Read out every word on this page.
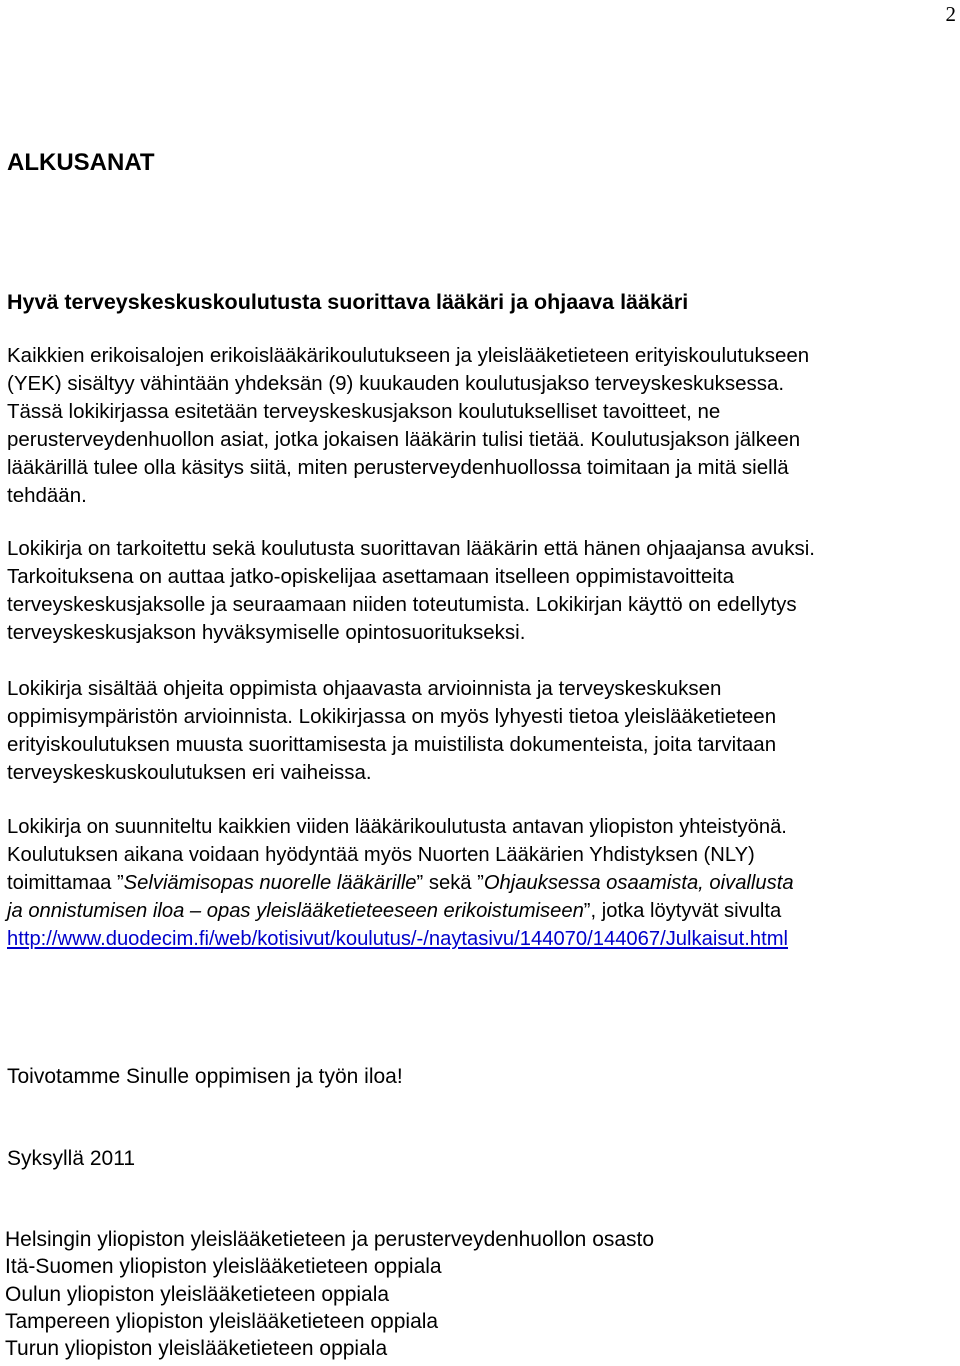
2
ALKUSANAT
Hyvä terveyskeskuskoulutusta suorittava lääkäri ja ohjaava lääkäri

Kaikkien erikoisalojen erikoislääkärikoulutukseen ja yleislääketieteen erityiskoulutukseen
(YEK) sisältyy vähintään yhdeksän (9) kuukauden koulutusjakso terveyskeskuksessa.
Tässä lokikirjassa esitetään terveyskeskusjakson koulutukselliset tavoitteet, ne
perusterveydenhuollon asiat, jotka jokaisen lääkärin tulisi tietää. Koulutusjakson jälkeen
lääkärillä tulee olla käsitys siitä, miten perusterveydenhuollossa toimitaan ja mitä siellä
tehdään.

Lokikirja on tarkoitettu sekä koulutusta suorittavan lääkärin että hänen ohjaajansa avuksi.
Tarkoituksena on auttaa jatko-opiskelijaa asettamaan itselleen oppimistavoitteita
terveyskeskusjaksolle ja seuraamaan niiden toteutumista. Lokikirjan käyttö on edellytys
terveyskeskusjakson hyväksymiselle opintosuoritukseksi.

Lokikirja sisältää ohjeita oppimista ohjaavasta arvioinnista ja terveyskeskuksen
oppimisympäristön arvioinnista. Lokikirjassa on myös lyhyesti tietoa yleislääketieteen
erityiskoulutuksen muusta suorittamisesta ja muistilista dokumenteista, joita tarvitaan
terveyskeskuskoulutuksen eri vaiheissa.

Lokikirja on suunniteltu kaikkien viiden lääkärikoulutusta antavan yliopiston yhteistyönä.
Koulutuksen aikana voidaan hyödyntää myös Nuorten Lääkärien Yhdistyksen (NLY)
toimittamaa ”Selviämisopas nuorelle lääkärille” sekä ”Ohjauksessa osaamista, oivallusta
ja onnistumisen iloa – opas yleislääketieteeseen erikoistumiseen”, jotka löytyvät sivulta
http://www.duodecim.fi/web/kotisivut/koulutus/-/naytasivu/144070/144067/Julkaisut.html

Toivotamme Sinulle oppimisen ja työn iloa!

Syksyllä 2011

Helsingin yliopiston yleislääketieteen ja perusterveydenhuollon osasto
Itä-Suomen yliopiston yleislääketieteen oppiala
Oulun yliopiston yleislääketieteen oppiala
Tampereen yliopiston yleislääketieteen oppiala
Turun yliopiston yleislääketieteen oppiala
